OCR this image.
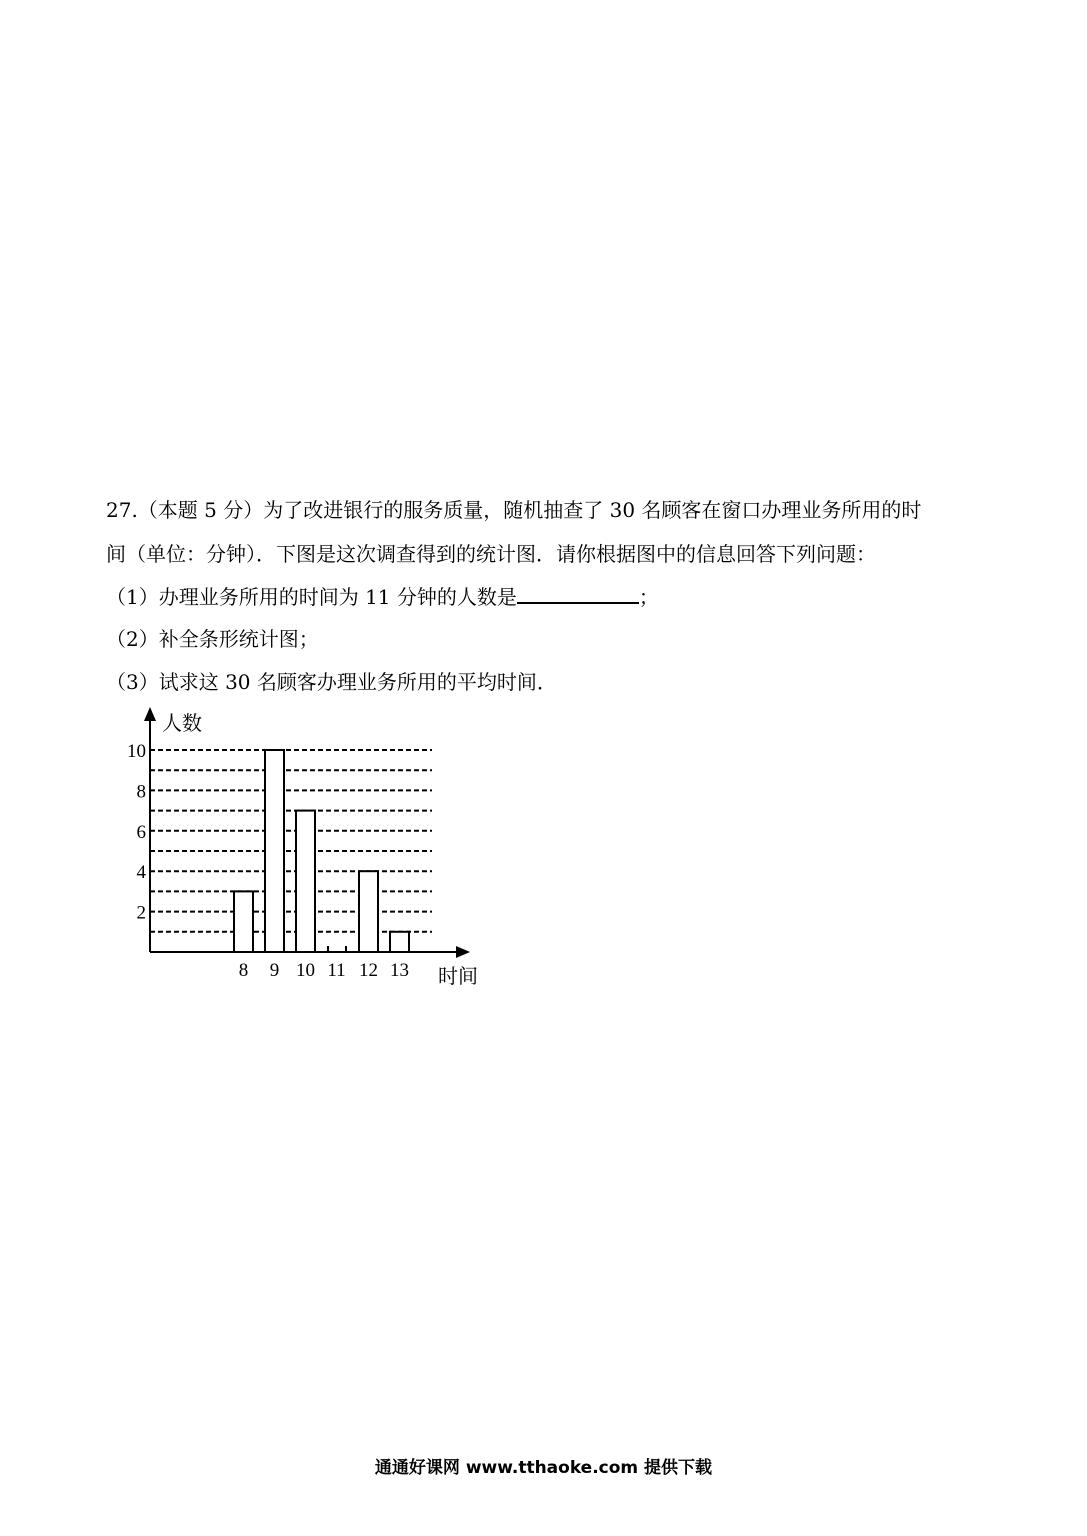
27.（本题 5 分）为了改进银行的服务质量，随机抽查了 30 名顾客在窗口办理业务所用的时
间（单位：分钟）．下图是这次调查得到的统计图．请你根据图中的信息回答下列问题：
（1）办理业务所用的时间为 11 分钟的人数是	；
（2）补全条形统计图；
（3）试求这 30 名顾客办理业务所用的平均时间．
人数
时间
2
4
6
8
10
8 9 10 11 12 13
通通好课网 www.tthaoke.com 提供下载
